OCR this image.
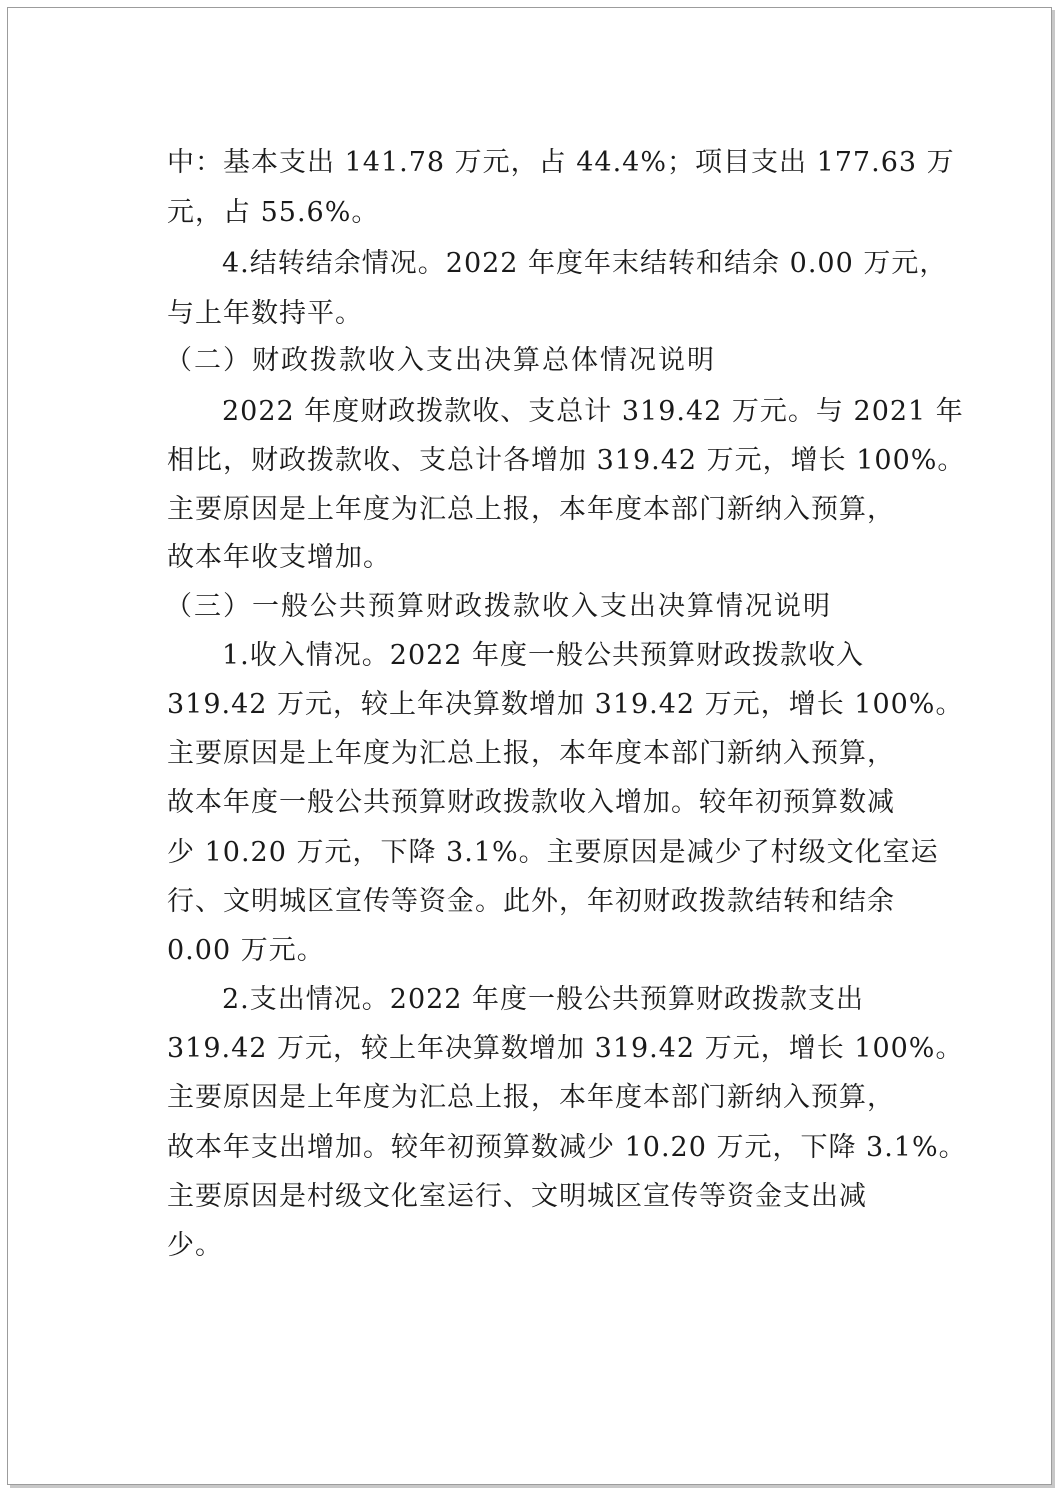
中：基本支出 141.78 万元，占 44.4%；项目支出 177.63 万
元，占 55.6%。
4.结转结余情况。2022 年度年末结转和结余 0.00 万元，
与上年数持平。
（二）财政拨款收入支出决算总体情况说明
2022 年度财政拨款收、支总计 319.42 万元。与 2021 年
相比，财政拨款收、支总计各增加 319.42 万元，增长 100%。
主要原因是上年度为汇总上报，本年度本部门新纳入预算，
故本年收支增加。
（三）一般公共预算财政拨款收入支出决算情况说明
1.收入情况。2022 年度一般公共预算财政拨款收入
319.42 万元，较上年决算数增加 319.42 万元，增长 100%。
主要原因是上年度为汇总上报，本年度本部门新纳入预算，
故本年度一般公共预算财政拨款收入增加。较年初预算数减
少 10.20 万元，下降 3.1%。主要原因是减少了村级文化室运
行、文明城区宣传等资金。此外，年初财政拨款结转和结余
0.00 万元。
2.支出情况。2022 年度一般公共预算财政拨款支出
319.42 万元，较上年决算数增加 319.42 万元，增长 100%。
主要原因是上年度为汇总上报，本年度本部门新纳入预算，
故本年支出增加。较年初预算数减少 10.20 万元，下降 3.1%。
主要原因是村级文化室运行、文明城区宣传等资金支出减
少。
